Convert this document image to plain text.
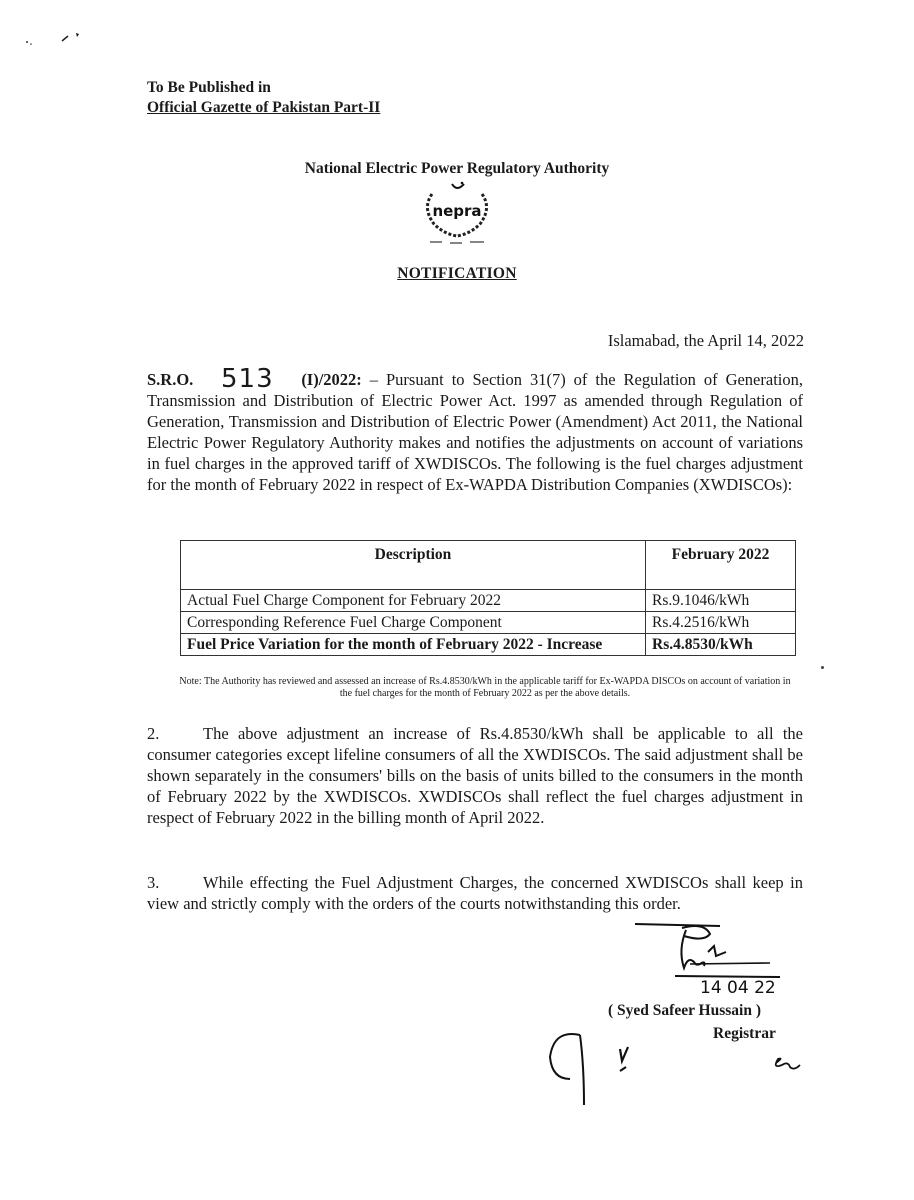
To Be Published in
Official Gazette of Pakistan Part-II
National Electric Power Regulatory Authority
nepra
NOTIFICATION
Islamabad, the April 14, 2022
S.R.O. 513 (I)/2022: – Pursuant to Section 31(7) of the Regulation of Generation, Transmission and Distribution of Electric Power Act. 1997 as amended through Regulation of Generation, Transmission and Distribution of Electric Power (Amendment) Act 2011, the National Electric Power Regulatory Authority makes and notifies the adjustments on account of variations in fuel charges in the approved tariff of XWDISCOs. The following is the fuel charges adjustment for the month of February 2022 in respect of Ex-WAPDA Distribution Companies (XWDISCOs):
Description	February 2022
Actual Fuel Charge Component for February 2022	Rs.9.1046/kWh
Corresponding Reference Fuel Charge Component	Rs.4.2516/kWh
Fuel Price Variation for the month of February 2022 - Increase	Rs.4.8530/kWh
Note: The Authority has reviewed and assessed an increase of Rs.4.8530/kWh in the applicable tariff for Ex-WAPDA DISCOs on account of variation in the fuel charges for the month of February 2022 as per the above details.
2.	The above adjustment an increase of Rs.4.8530/kWh shall be applicable to all the consumer categories except lifeline consumers of all the XWDISCOs. The said adjustment shall be shown separately in the consumers' bills on the basis of units billed to the consumers in the month of February 2022 by the XWDISCOs. XWDISCOs shall reflect the fuel charges adjustment in respect of February 2022 in the billing month of April 2022.
3.	While effecting the Fuel Adjustment Charges, the concerned XWDISCOs shall keep in view and strictly comply with the orders of the courts notwithstanding this order.
14 04 22
( Syed Safeer Hussain )
Registrar
